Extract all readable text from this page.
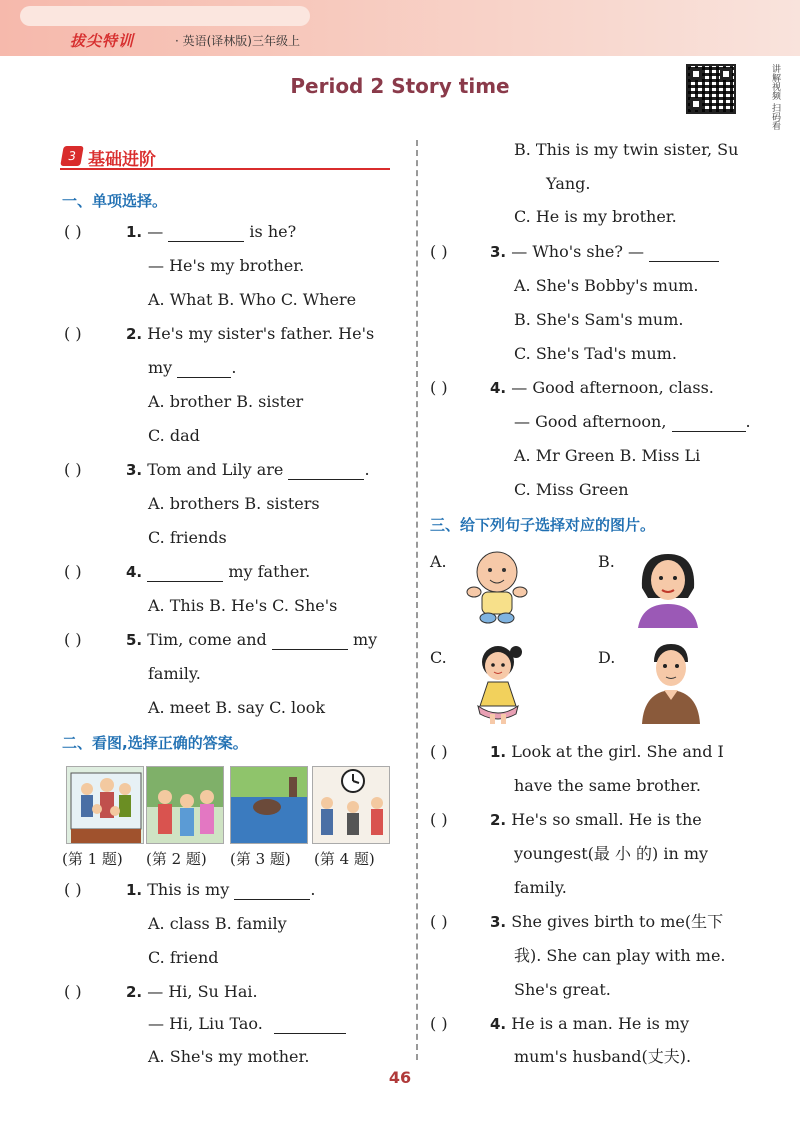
拔尖特训	· 英语(译林版)三年级上
Period 2 Story time	讲解视频 扫码看
3 基础进阶
一、单项选择。
( )	1. —	is he?
— He's my brother.
A. What B. Who C. Where
( )	2. He's my sister's father. He's
my	.
A. brother B. sister
C. dad
( )	3. Tom and Lily are	.
A. brothers B. sisters
C. friends
( )	4.	my father.
A. This B. He's C. She's
( )	5. Tim, come and	my
family.
A. meet B. say C. look
二、看图,选择正确的答案。
(第 1 题) (第 2 题) (第 3 题) (第 4 题)
( )	1. This is my	.
A. class B. family
C. friend
( )	2. — Hi, Su Hai.
— Hi, Liu Tao.
A. She's my mother.
B. This is my twin sister, Su
Yang.
C. He is my brother.
( )	3. — Who's she? —
A. She's Bobby's mum.
B. She's Sam's mum.
C. She's Tad's mum.
( )	4. — Good afternoon, class.
— Good afternoon,	.
A. Mr Green B. Miss Li
C. Miss Green
三、给下列句子选择对应的图片。
A.	B.
C.	D.
( )	1. Look at the girl. She and I
have the same brother.
( )	2. He's so small. He is the
youngest(最 小 的) in my
family.
( )	3. She gives birth to me(生下
我). She can play with me.
She's great.
( )	4. He is a man. He is my
mum's husband(丈夫).
46
